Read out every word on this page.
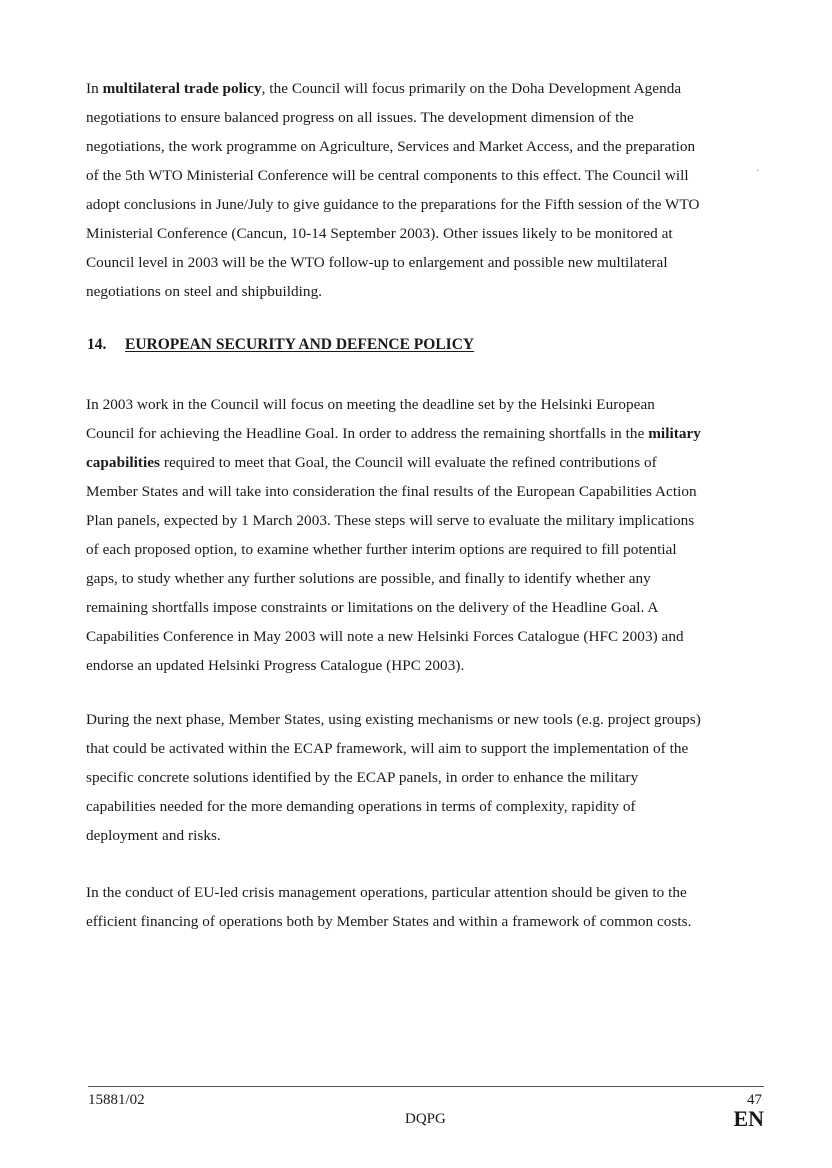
In multilateral trade policy, the Council will focus primarily on the Doha Development Agenda
negotiations to ensure balanced progress on all issues. The development dimension of the
negotiations, the work programme on Agriculture, Services and Market Access, and the preparation
of the 5th WTO Ministerial Conference will be central components to this effect. The Council will
adopt conclusions in June/July to give guidance to the preparations for the Fifth session of the WTO
Ministerial Conference (Cancun, 10-14 September 2003). Other issues likely to be monitored at
Council level in 2003 will be the WTO follow-up to enlargement and possible new multilateral
negotiations on steel and shipbuilding.
·
14. EUROPEAN SECURITY AND DEFENCE POLICY
In 2003 work in the Council will focus on meeting the deadline set by the Helsinki European
Council for achieving the Headline Goal. In order to address the remaining shortfalls in the military
capabilities required to meet that Goal, the Council will evaluate the refined contributions of
Member States and will take into consideration the final results of the European Capabilities Action
Plan panels, expected by 1 March 2003. These steps will serve to evaluate the military implications
of each proposed option, to examine whether further interim options are required to fill potential
gaps, to study whether any further solutions are possible, and finally to identify whether any
remaining shortfalls impose constraints or limitations on the delivery of the Headline Goal. A
Capabilities Conference in May 2003 will note a new Helsinki Forces Catalogue (HFC 2003) and
endorse an updated Helsinki Progress Catalogue (HPC 2003).
During the next phase, Member States, using existing mechanisms or new tools (e.g. project groups)
that could be activated within the ECAP framework, will aim to support the implementation of the
specific concrete solutions identified by the ECAP panels, in order to enhance the military
capabilities needed for the more demanding operations in terms of complexity, rapidity of
deployment and risks.
In the conduct of EU-led crisis management operations, particular attention should be given to the
efficient financing of operations both by Member States and within a framework of common costs.
15881/02
DQPG
47
EN
